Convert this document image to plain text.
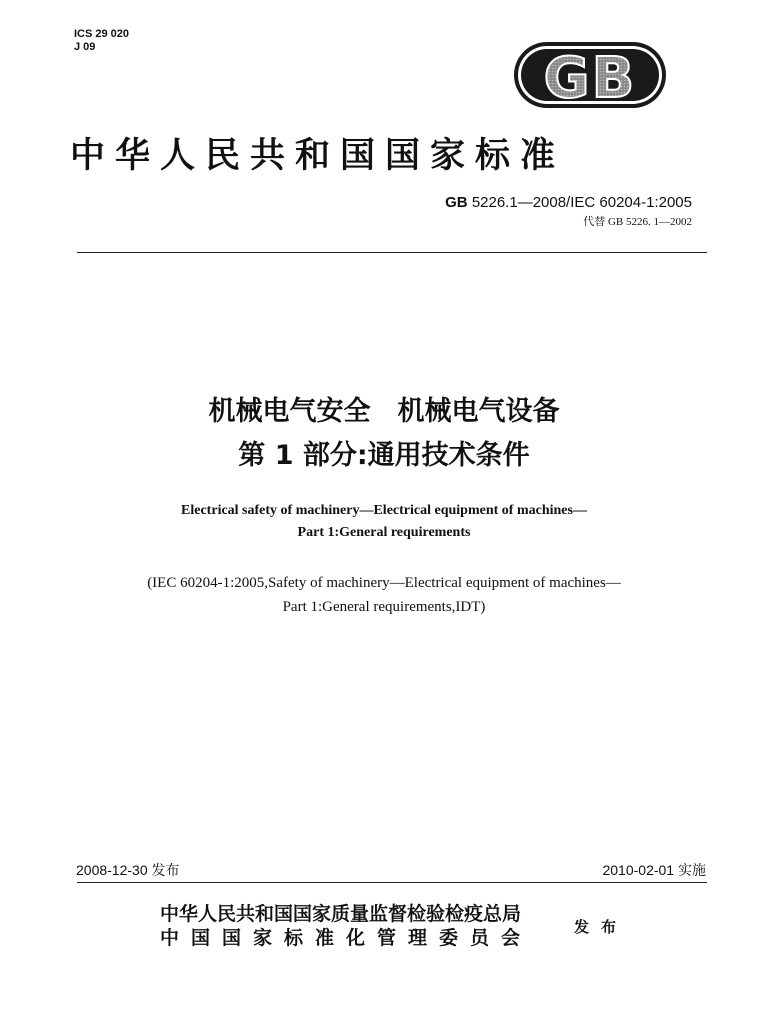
ICS 29 020
J 09	GB
中华人民共和国国家标准
GB 5226.1—2008/IEC 60204-1:2005
代替 GB 5226. 1—2002
机械电气安全　机械电气设备
第 1 部分:通用技术条件
Electrical safety of machinery—Electrical equipment of machines—
Part 1:General requirements
(IEC 60204-1:2005,Safety of machinery—Electrical equipment of machines—
Part 1:General requirements,IDT)
2008-12-30 发布	2010-02-01 实施
中华人民共和国国家质量监督检验检疫总局
中国国家标准化管理委员会	发布
